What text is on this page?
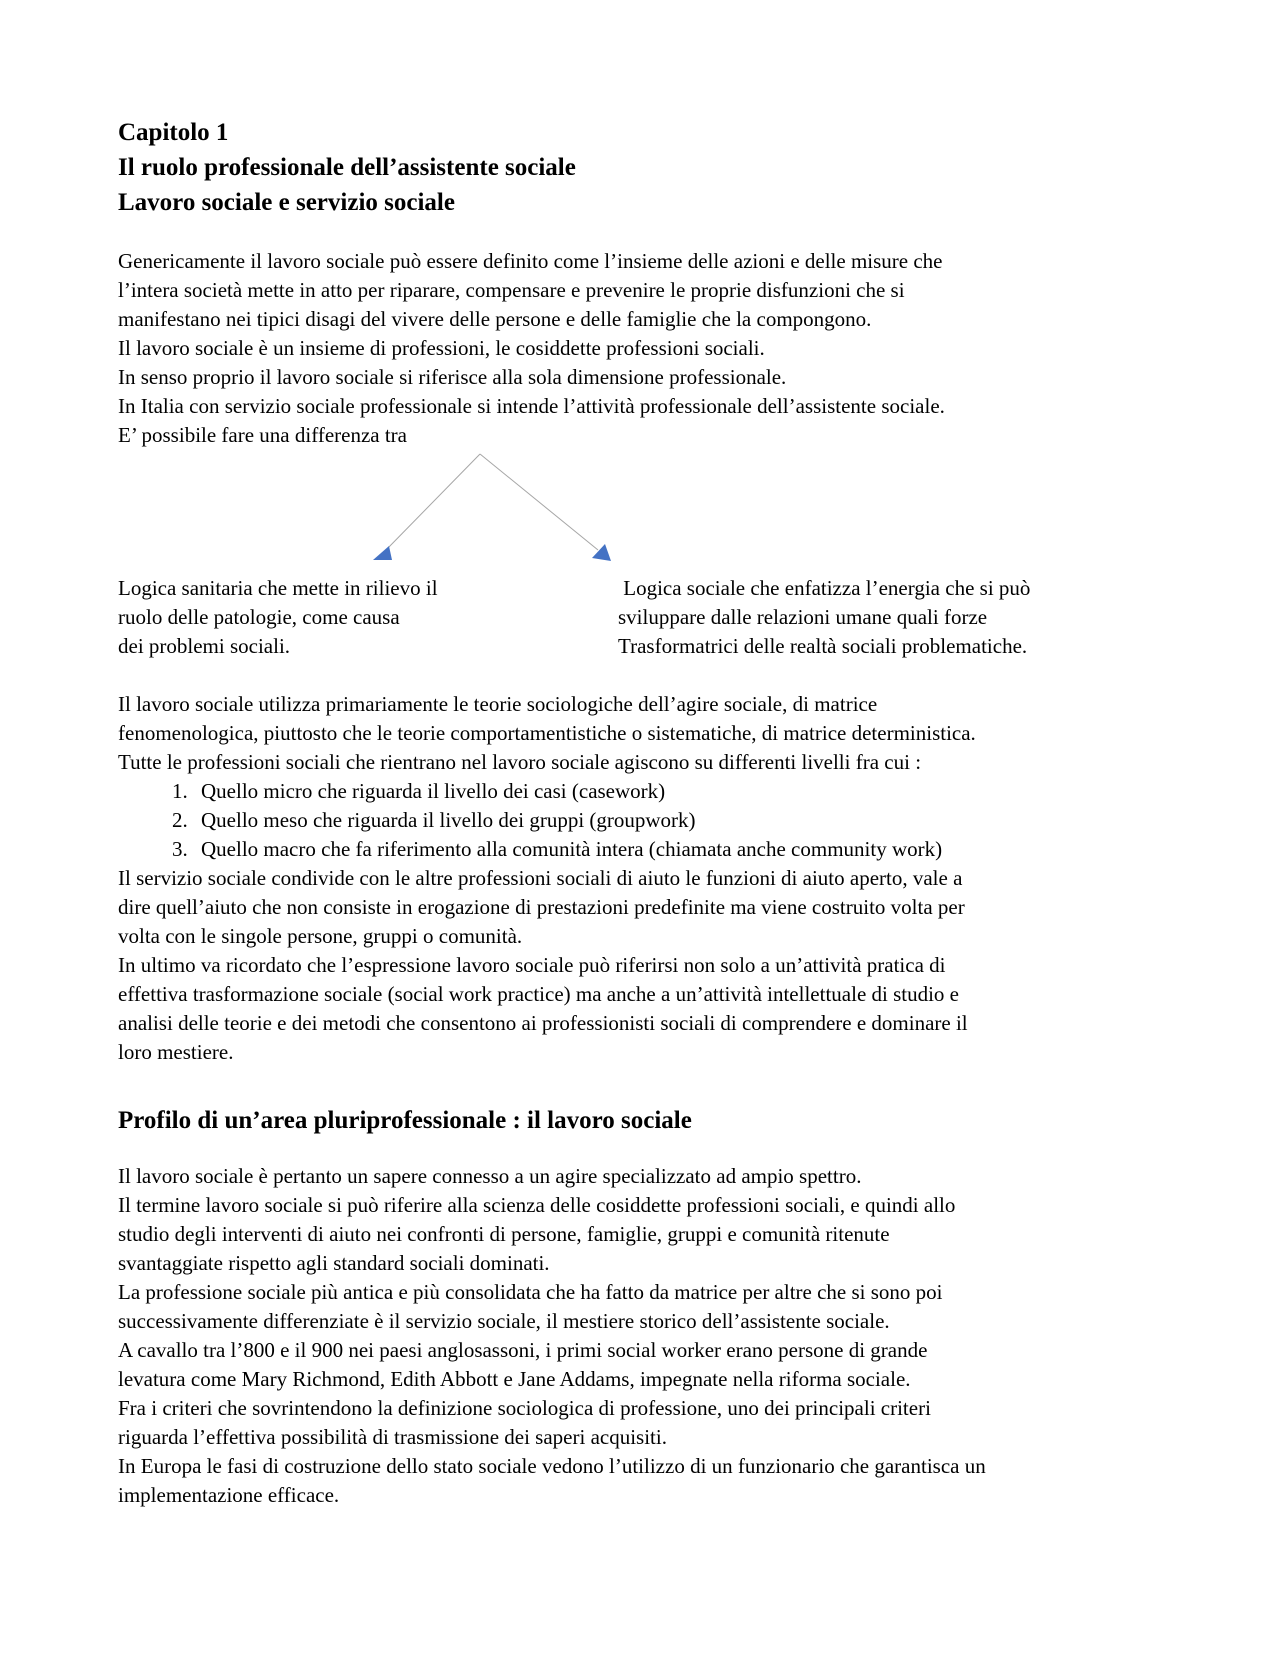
Capitolo 1

Il ruolo professionale dell’assistente sociale

Lavoro sociale e servizio sociale

Genericamente il lavoro sociale può essere definito come l’insieme delle azioni e delle misure che
l’intera società mette in atto per riparare, compensare e prevenire le proprie disfunzioni che si
manifestano nei tipici disagi del vivere delle persone e delle famiglie che la compongono.
Il lavoro sociale è un insieme di professioni, le cosiddette professioni sociali.
In senso proprio il lavoro sociale si riferisce alla sola dimensione professionale.
In Italia con servizio sociale professionale si intende l’attività professionale dell’assistente sociale.
E’ possibile fare una differenza tra
Logica sanitaria che mette in rilievo il
ruolo delle patologie, come causa
dei problemi sociali.
Logica sociale che enfatizza l’energia che si può
sviluppare dalle relazioni umane quali forze
Trasformatrici delle realtà sociali problematiche.
Il lavoro sociale utilizza primariamente le teorie sociologiche dell’agire sociale, di matrice
fenomenologica, piuttosto che le teorie comportamentistiche o sistematiche, di matrice deterministica.
Tutte le professioni sociali che rientrano nel lavoro sociale agiscono su differenti livelli fra cui :
1. Quello micro che riguarda il livello dei casi (casework)
2. Quello meso che riguarda il livello dei gruppi (groupwork)
3. Quello macro che fa riferimento alla comunità intera (chiamata anche community work)
Il servizio sociale condivide con le altre professioni sociali di aiuto le funzioni di aiuto aperto, vale a
dire quell’aiuto che non consiste in erogazione di prestazioni predefinite ma viene costruito volta per
volta con le singole persone, gruppi o comunità.
In ultimo va ricordato che l’espressione lavoro sociale può riferirsi non solo a un’attività pratica di
effettiva trasformazione sociale (social work practice) ma anche a un’attività intellettuale di studio e
analisi delle teorie e dei metodi che consentono ai professionisti sociali di comprendere e dominare il
loro mestiere.

Profilo di un’area pluriprofessionale : il lavoro sociale

Il lavoro sociale è pertanto un sapere connesso a un agire specializzato ad ampio spettro.
Il termine lavoro sociale si può riferire alla scienza delle cosiddette professioni sociali, e quindi allo
studio degli interventi di aiuto nei confronti di persone, famiglie, gruppi e comunità ritenute
svantaggiate rispetto agli standard sociali dominati.
La professione sociale più antica e più consolidata che ha fatto da matrice per altre che si sono poi
successivamente differenziate è il servizio sociale, il mestiere storico dell’assistente sociale.
A cavallo tra l’800 e il 900 nei paesi anglosassoni, i primi social worker erano persone di grande
levatura come Mary Richmond, Edith Abbott e Jane Addams, impegnate nella riforma sociale.
Fra i criteri che sovrintendono la definizione sociologica di professione, uno dei principali criteri
riguarda l’effettiva possibilità di trasmissione dei saperi acquisiti.
In Europa le fasi di costruzione dello stato sociale vedono l’utilizzo di un funzionario che garantisca un
implementazione efficace.
